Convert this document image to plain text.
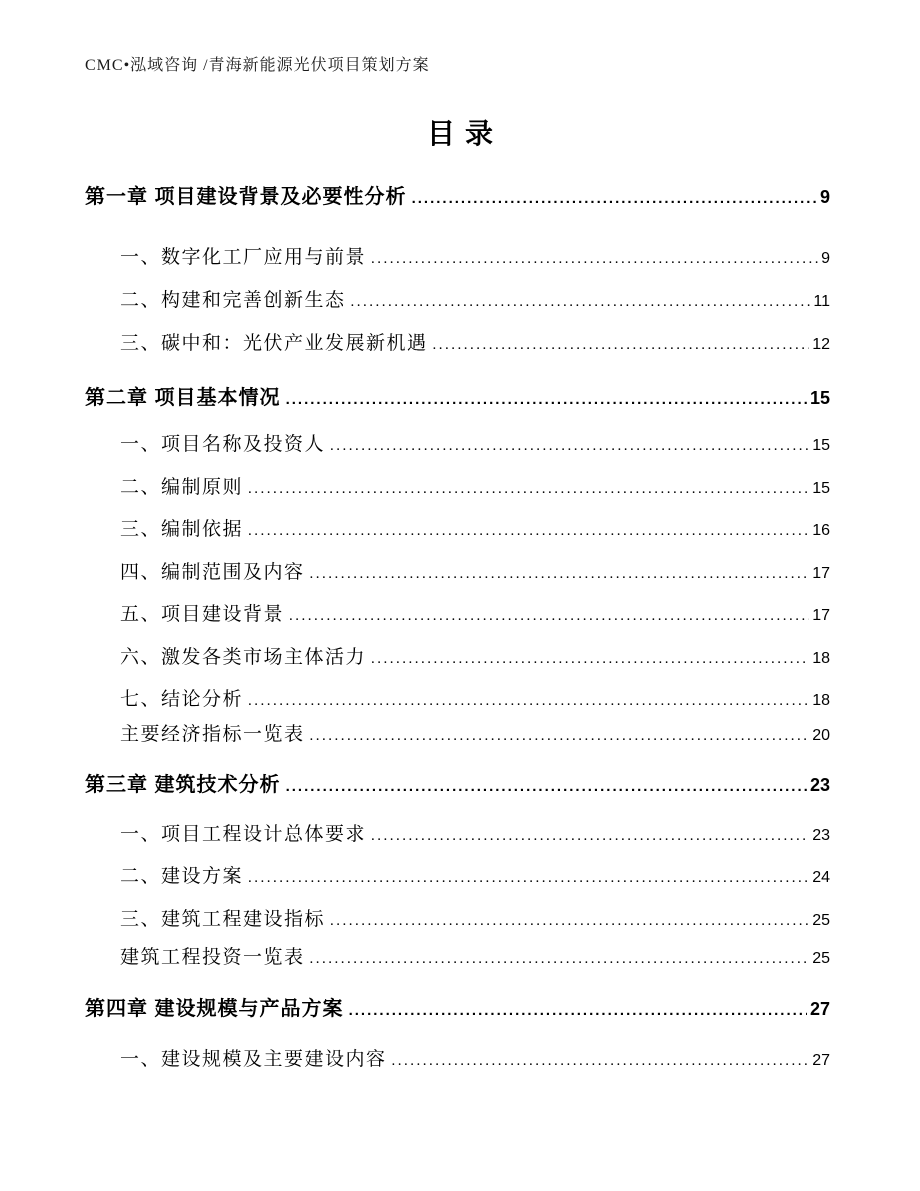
CMC•泓域咨询 /青海新能源光伏项目策划方案
目录
第一章 项目建设背景及必要性分析 .....	9
一、数字化工厂应用与前景 .....	9
二、构建和完善创新生态 .....	11
三、碳中和：光伏产业发展新机遇 .....	12
第二章 项目基本情况 .....	15
一、项目名称及投资人 .....	15
二、编制原则 .....	15
三、编制依据 .....	16
四、编制范围及内容 .....	17
五、项目建设背景 .....	17
六、激发各类市场主体活力 .....	18
七、结论分析 .....	18
主要经济指标一览表 .....	20
第三章 建筑技术分析 .....	23
一、项目工程设计总体要求 .....	23
二、建设方案 .....	24
三、建筑工程建设指标 .....	25
建筑工程投资一览表 .....	25
第四章 建设规模与产品方案 .....	27
一、建设规模及主要建设内容 .....	27
